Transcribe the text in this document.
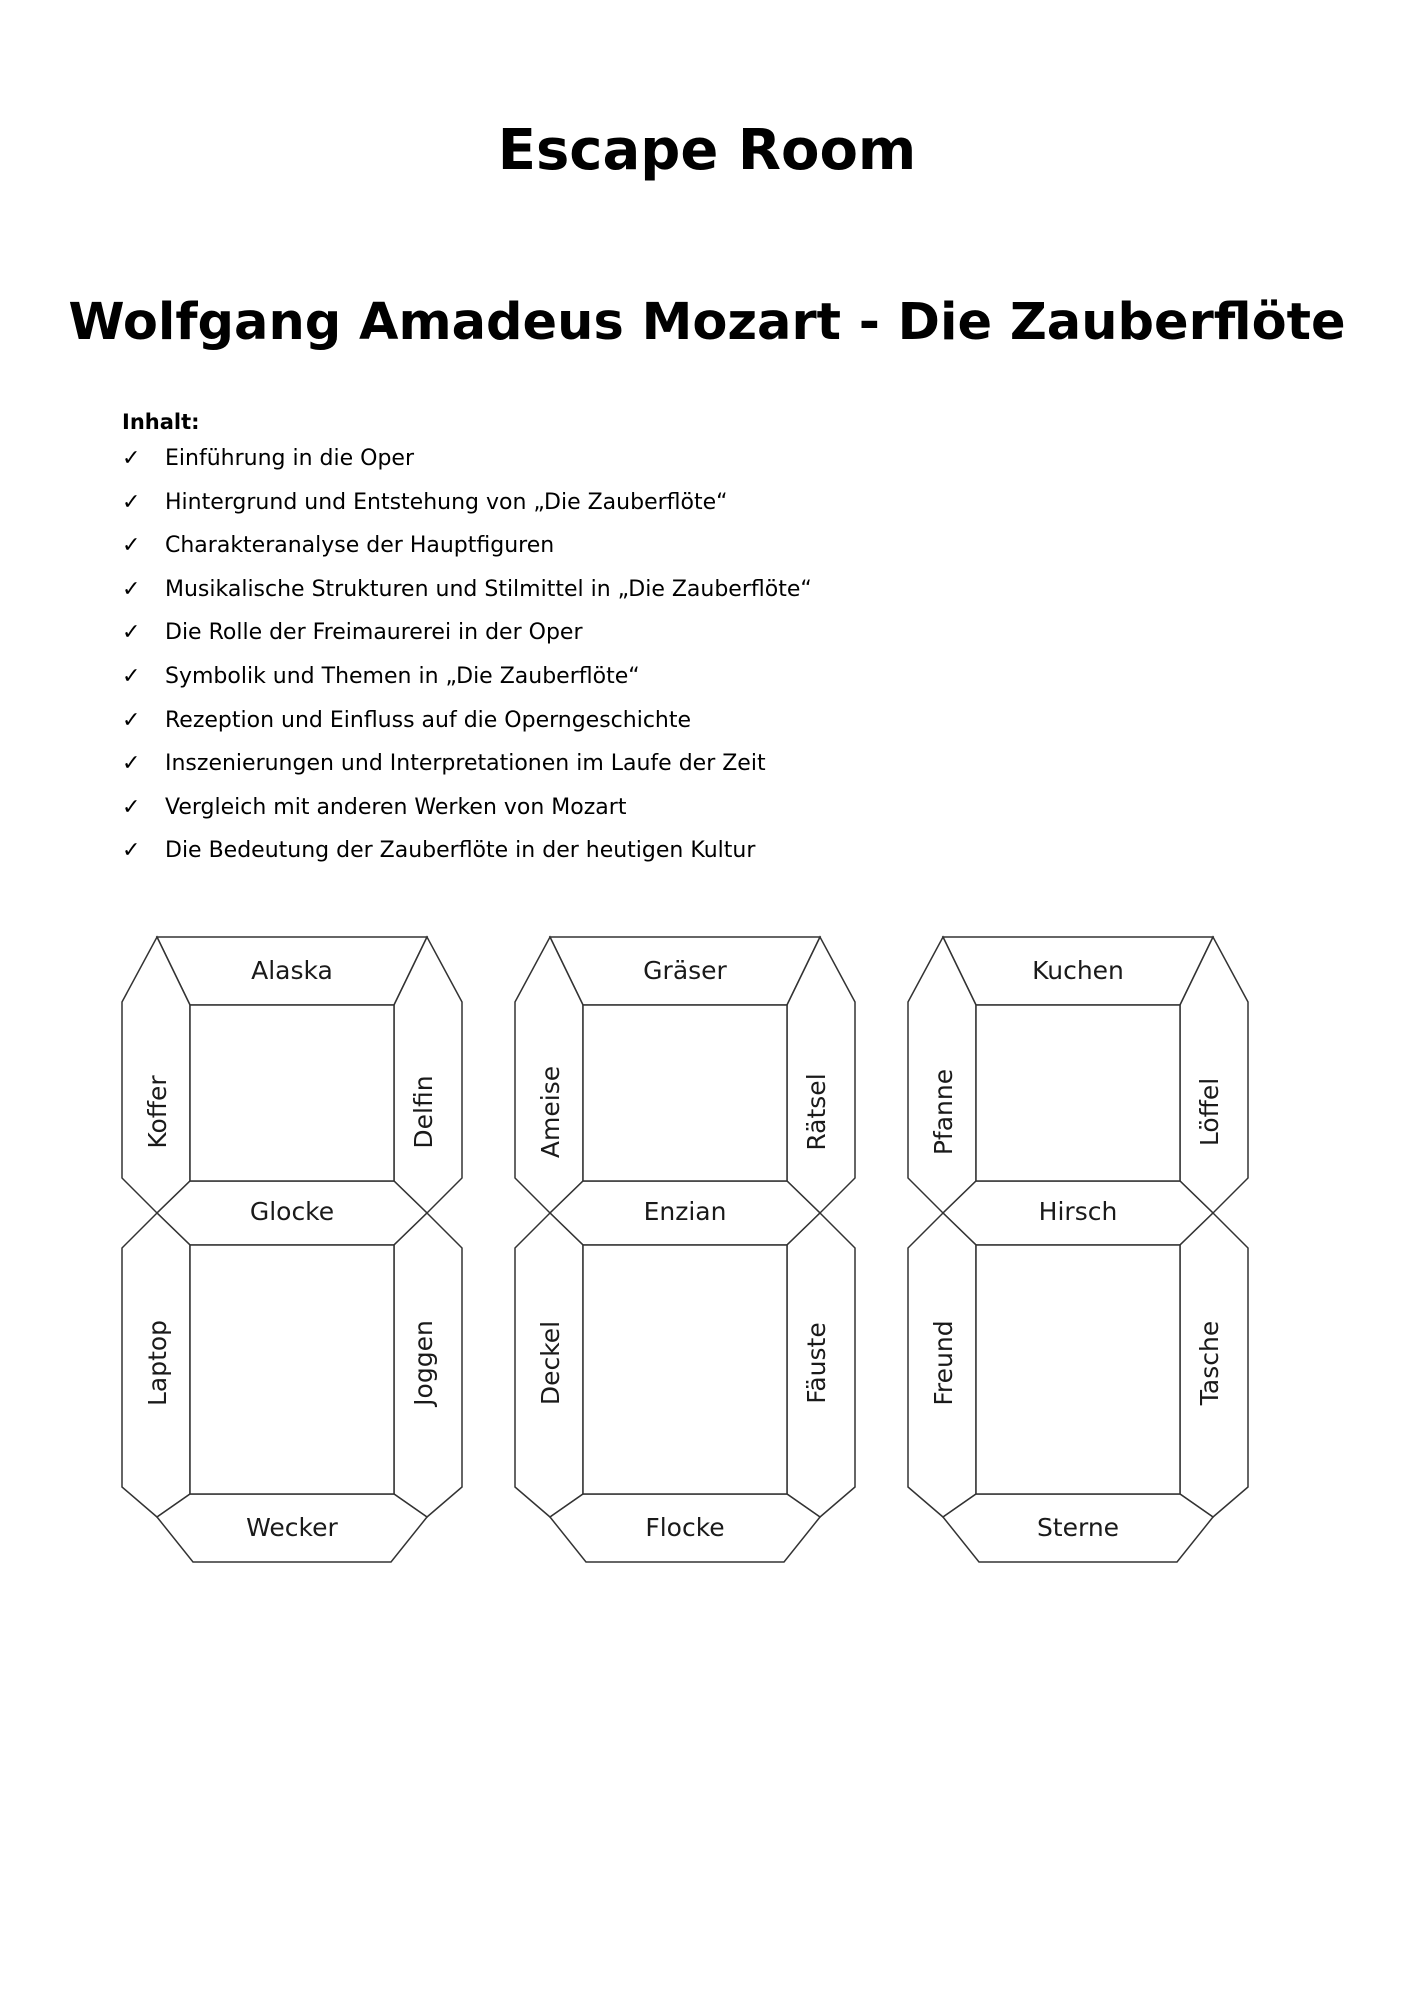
Escape Room
Wolfgang Amadeus Mozart - Die Zauberflöte
Inhalt:
✓	Einführung in die Oper
✓	Hintergrund und Entstehung von „Die Zauberflöte“
✓	Charakteranalyse der Hauptfiguren
✓	Musikalische Strukturen und Stilmittel in „Die Zauberflöte“
✓	Die Rolle der Freimaurerei in der Oper
✓	Symbolik und Themen in „Die Zauberflöte“
✓	Rezeption und Einfluss auf die Operngeschichte
✓	Inszenierungen und Interpretationen im Laufe der Zeit
✓	Vergleich mit anderen Werken von Mozart
✓	Die Bedeutung der Zauberflöte in der heutigen Kultur
Alaska
Koffer	Delfin
Glocke
Laptop	Joggen
Wecker
Gräser
Ameise	Rätsel
Enzian
Deckel	Fäuste
Flocke
Kuchen
Pfanne	Löffel
Hirsch
Freund	Tasche
Sterne
